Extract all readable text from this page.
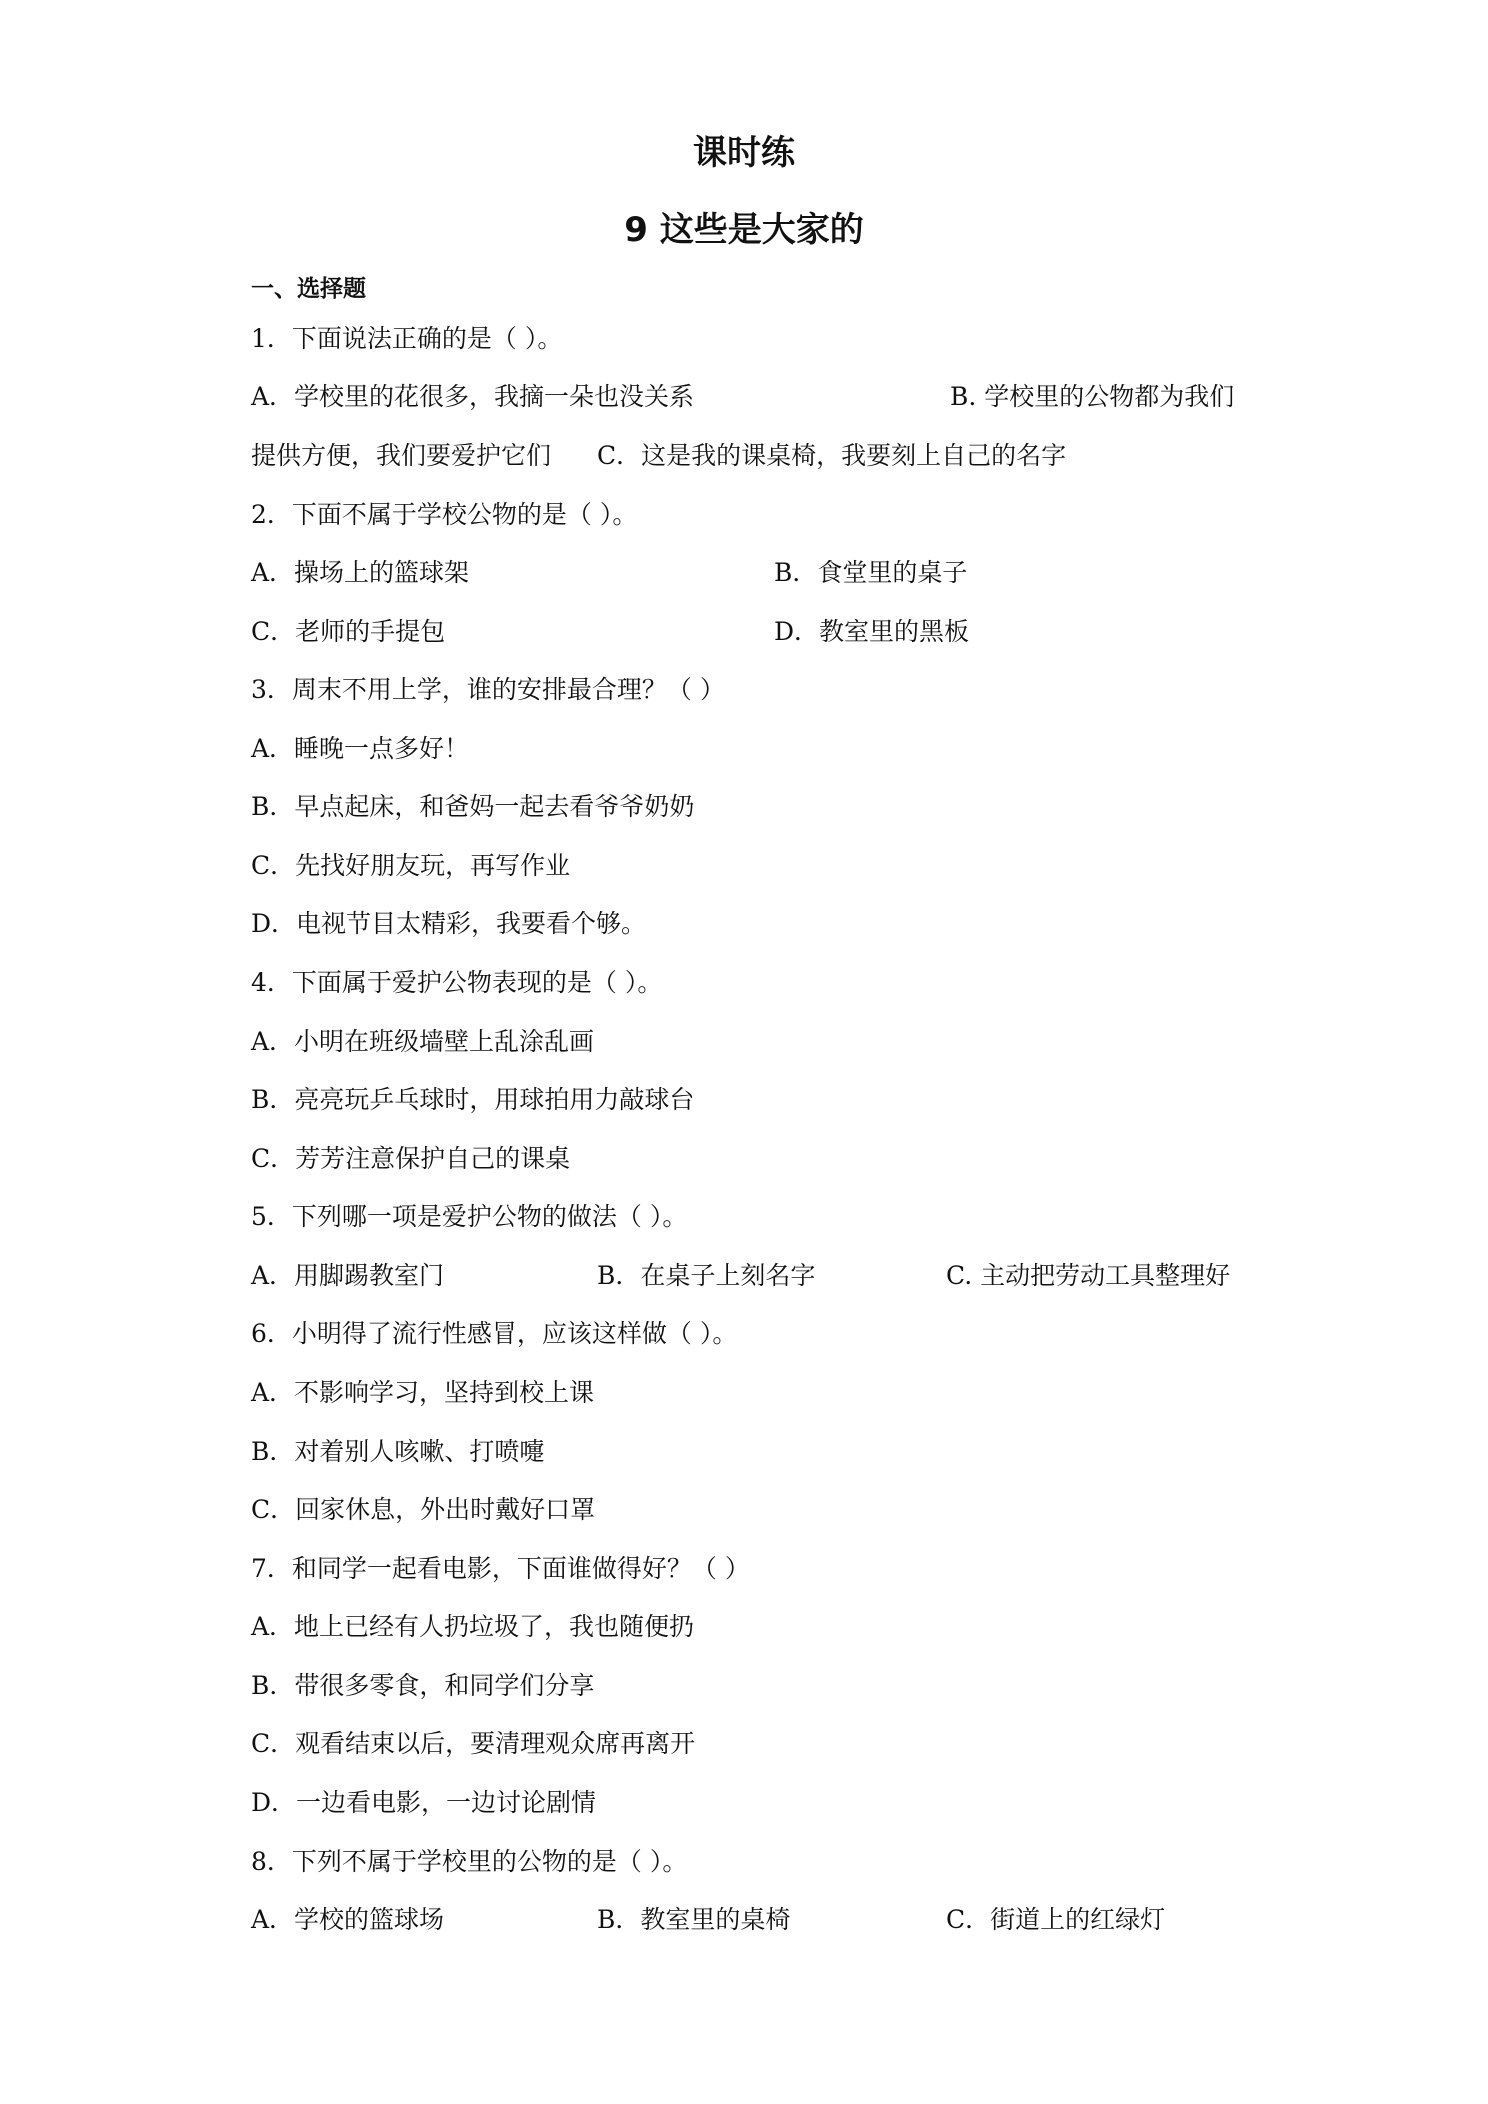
课时练
9 这些是大家的
一、选择题
1．下面说法正确的是（ ）。
A．学校里的花很多，我摘一朵也没关系	B. 学校里的公物都为我们
提供方便，我们要爱护它们 C．这是我的课桌椅，我要刻上自己的名字
2．下面不属于学校公物的是（ ）。
A．操场上的篮球架	B．食堂里的桌子
C．老师的手提包	D．教室里的黑板
3．周末不用上学，谁的安排最合理？（ ）
A．睡晚一点多好！
B．早点起床，和爸妈一起去看爷爷奶奶
C．先找好朋友玩，再写作业
D．电视节目太精彩，我要看个够。
4．下面属于爱护公物表现的是（ ）。
A．小明在班级墙壁上乱涂乱画
B．亮亮玩乒乓球时，用球拍用力敲球台
C．芳芳注意保护自己的课桌
5．下列哪一项是爱护公物的做法（ ）。
A．用脚踢教室门	B．在桌子上刻名字	C. 主动把劳动工具整理好
6．小明得了流行性感冒，应该这样做（ ）。
A．不影响学习，坚持到校上课
B．对着别人咳嗽、打喷嚏
C．回家休息，外出时戴好口罩
7．和同学一起看电影，下面谁做得好？（ ）
A．地上已经有人扔垃圾了，我也随便扔
B．带很多零食，和同学们分享
C．观看结束以后，要清理观众席再离开
D．一边看电影，一边讨论剧情
8．下列不属于学校里的公物的是（ ）。
A．学校的篮球场	B．教室里的桌椅	C．街道上的红绿灯
